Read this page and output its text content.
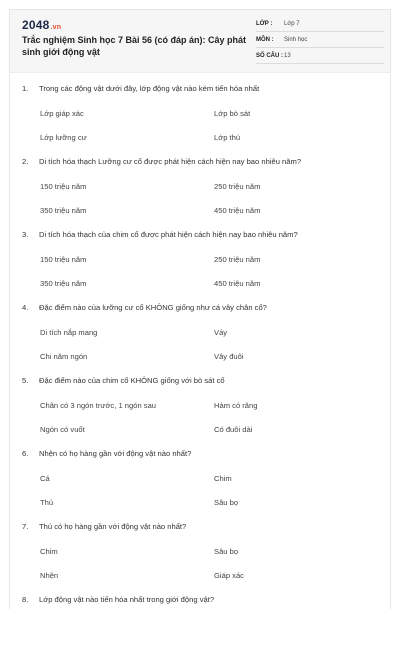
2048.vn
Trắc nghiệm Sinh học 7 Bài 56 (có đáp án): Cây phát sinh giới động vật
LỚP :	Lớp 7
MÔN :	Sinh học
SỐ CÂU : 13
1. Trong các động vật dưới đây, lớp động vật nào kém tiến hóa nhất
Lớp giáp xác	Lớp bò sát
Lớp lưỡng cư	Lớp thú
2. Di tích hóa thạch Lưỡng cư cổ được phát hiện cách hiện nay bao nhiêu năm?
150 triệu năm	250 triệu năm
350 triệu năm	450 triệu năm
3. Di tích hóa thạch của chim cổ được phát hiện cách hiện nay bao nhiêu năm?
150 triệu năm	250 triệu năm
350 triệu năm	450 triệu năm
4. Đặc điểm nào của lưỡng cư cổ KHÔNG giống như cá vây chân cổ?
Di tích nắp mang	Vảy
Chi năm ngón	Vây đuôi
5. Đặc điểm nào của chim cổ KHÔNG giống với bò sát cổ
Chân có 3 ngón trước, 1 ngón sau	Hàm có răng
Ngón có vuốt	Có đuôi dài
6. Nhện có họ hàng gần với động vật nào nhất?
Cá	Chim
Thú	Sâu bọ
7. Thú có họ hàng gần với động vật nào nhất?
Chim	Sâu bọ
Nhện	Giáp xác
8. Lớp động vật nào tiến hóa nhất trong giới động vật?
